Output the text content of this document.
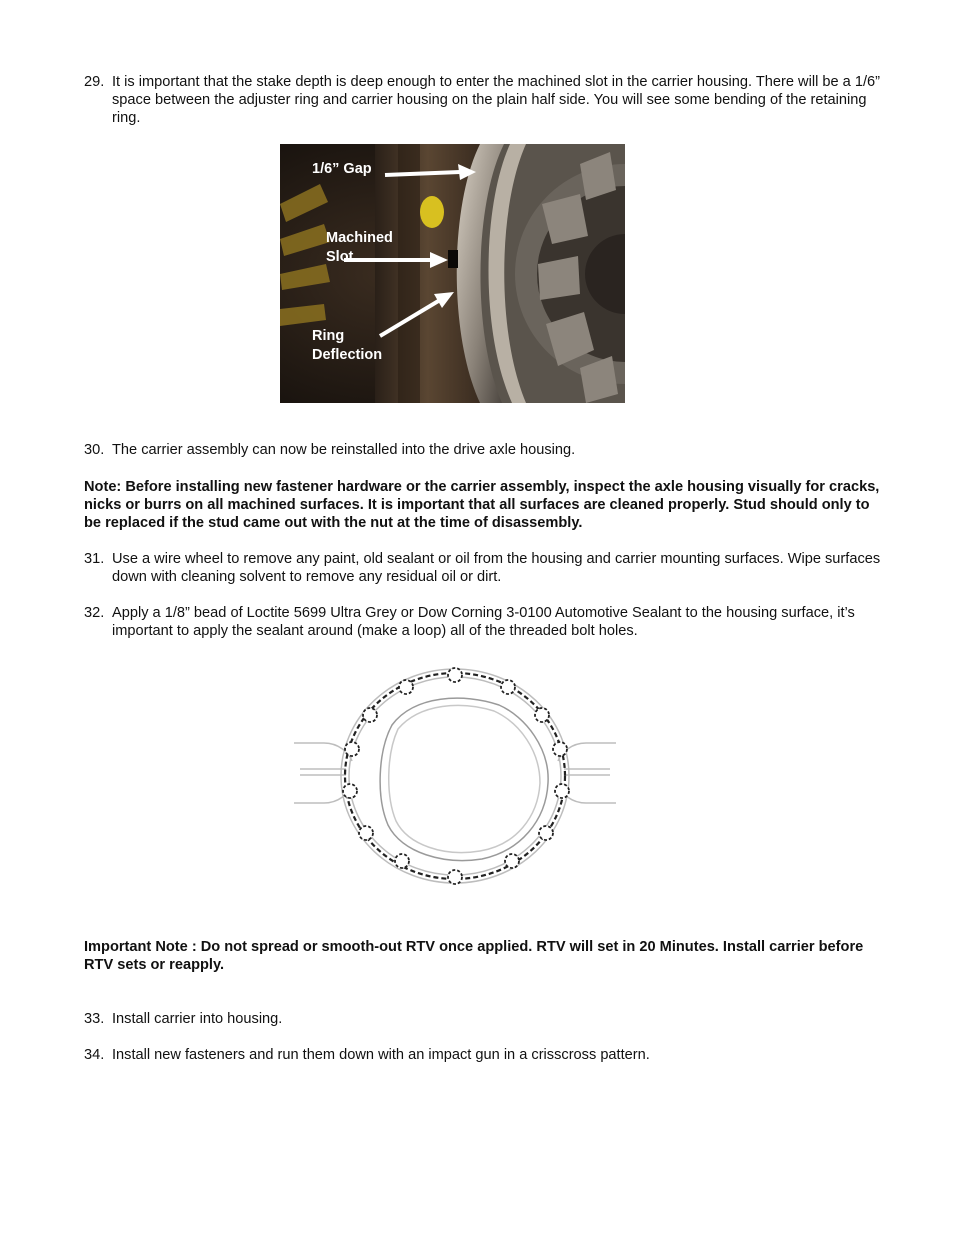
29. It is important that the stake depth is deep enough to enter the machined slot in the carrier housing. There will be a 1/6” space between the adjuster ring and carrier housing on the plain half side. You will see some bending of the retaining ring.
1/6” Gap
Machined
Slot
Ring
Deflection
30. The carrier assembly can now be reinstalled into the drive axle housing.
Note: Before installing new fastener hardware or the carrier assembly, inspect the axle housing visually for cracks, nicks or burrs on all machined surfaces. It is important that all surfaces are cleaned properly. Stud should only to be replaced if the stud came out with the nut at the time of disassembly.
31. Use a wire wheel to remove any paint, old sealant or oil from the housing and carrier mounting surfaces. Wipe surfaces down with cleaning solvent to remove any residual oil or dirt.
32. Apply a 1/8” bead of Loctite 5699 Ultra Grey or Dow Corning 3-0100 Automotive Sealant to the housing surface, it’s important to apply the sealant around (make a loop) all of the threaded bolt holes.
Important Note : Do not spread or smooth-out RTV once applied. RTV will set in 20 Minutes. Install carrier before RTV sets or reapply.
33. Install carrier into housing.
34. Install new fasteners and run them down with an impact gun in a crisscross pattern.
